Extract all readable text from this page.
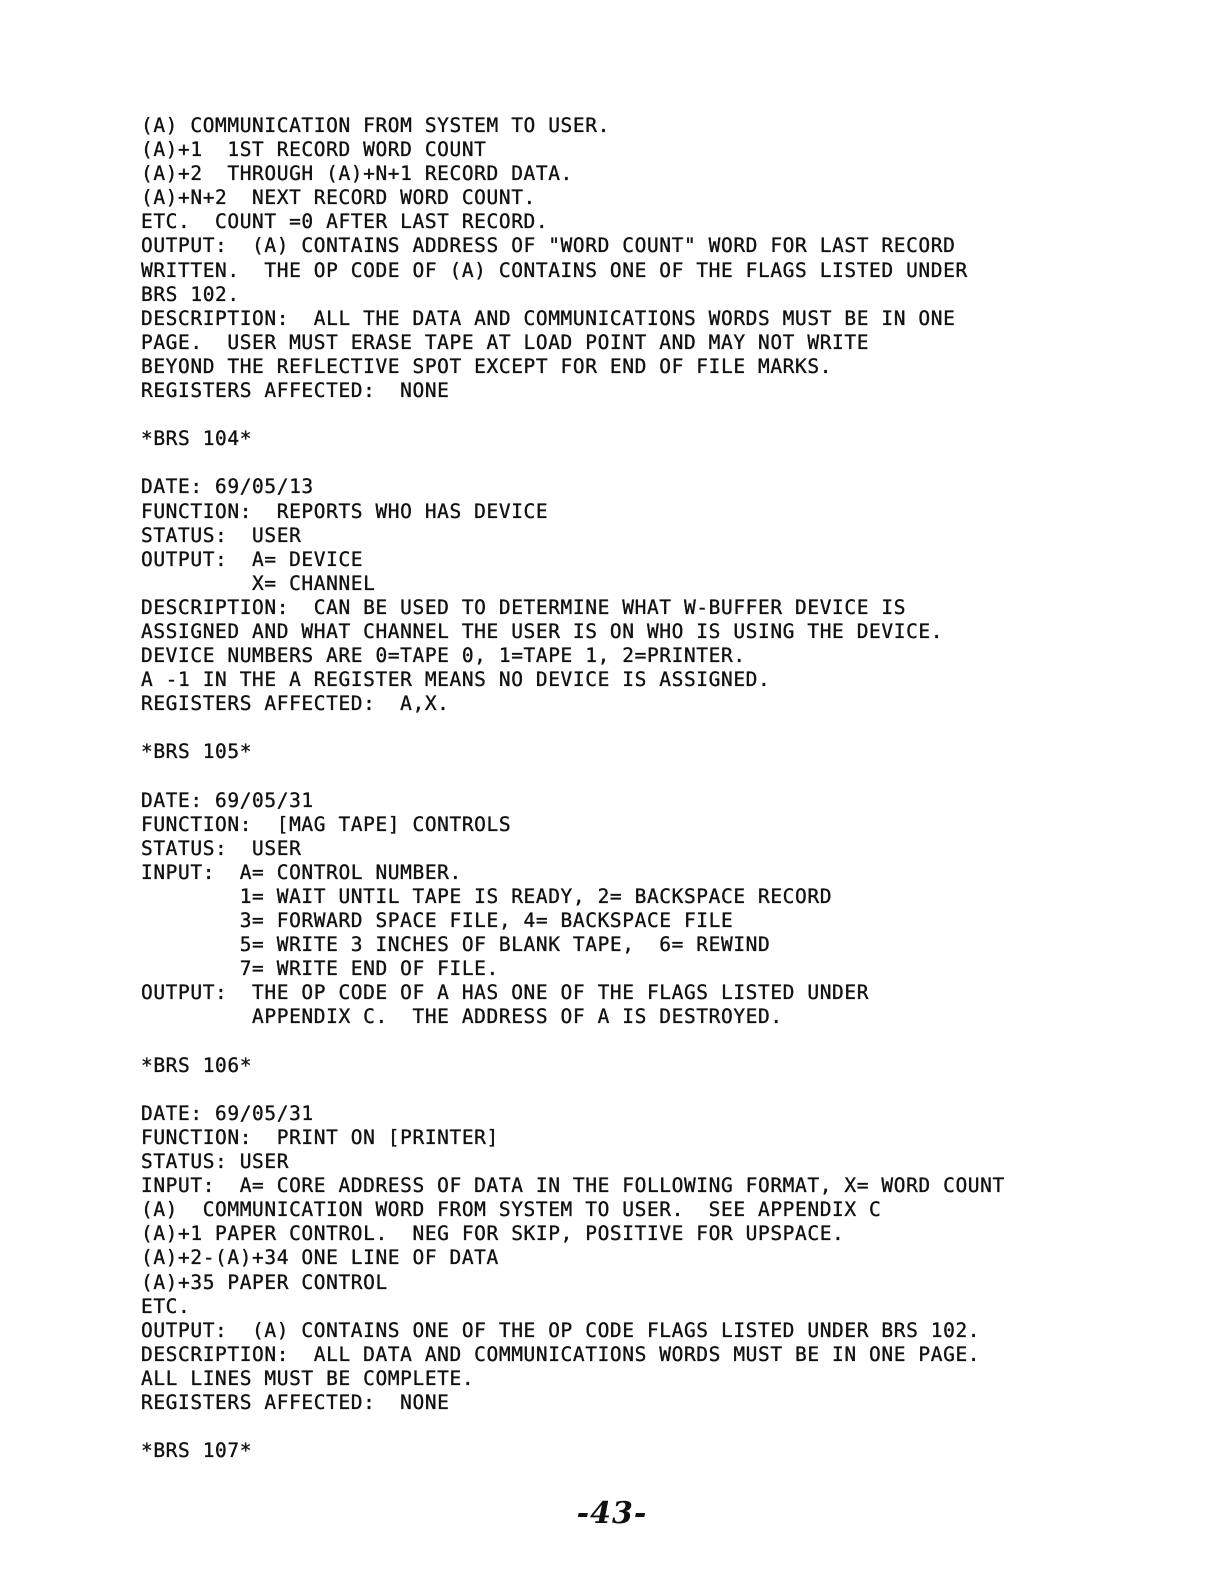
(A) COMMUNICATION FROM SYSTEM TO USER.
(A)+1  1ST RECORD WORD COUNT
(A)+2  THROUGH (A)+N+1 RECORD DATA.
(A)+N+2  NEXT RECORD WORD COUNT.
ETC.  COUNT =0 AFTER LAST RECORD.
OUTPUT:  (A) CONTAINS ADDRESS OF "WORD COUNT" WORD FOR LAST RECORD
WRITTEN.  THE OP CODE OF (A) CONTAINS ONE OF THE FLAGS LISTED UNDER
BRS 102.
DESCRIPTION:  ALL THE DATA AND COMMUNICATIONS WORDS MUST BE IN ONE
PAGE.  USER MUST ERASE TAPE AT LOAD POINT AND MAY NOT WRITE
BEYOND THE REFLECTIVE SPOT EXCEPT FOR END OF FILE MARKS.
REGISTERS AFFECTED:  NONE
*BRS 104*
DATE: 69/05/13
FUNCTION:  REPORTS WHO HAS DEVICE
STATUS:  USER
OUTPUT:  A= DEVICE
X= CHANNEL
DESCRIPTION:  CAN BE USED TO DETERMINE WHAT W-BUFFER DEVICE IS
ASSIGNED AND WHAT CHANNEL THE USER IS ON WHO IS USING THE DEVICE.
DEVICE NUMBERS ARE 0=TAPE 0, 1=TAPE 1, 2=PRINTER.
A -1 IN THE A REGISTER MEANS NO DEVICE IS ASSIGNED.
REGISTERS AFFECTED:  A,X.
*BRS 105*
DATE: 69/05/31
FUNCTION:  [MAG TAPE] CONTROLS
STATUS:  USER
INPUT:  A= CONTROL NUMBER.
1= WAIT UNTIL TAPE IS READY, 2= BACKSPACE RECORD
3= FORWARD SPACE FILE, 4= BACKSPACE FILE
5= WRITE 3 INCHES OF BLANK TAPE,  6= REWIND
7= WRITE END OF FILE.
OUTPUT:  THE OP CODE OF A HAS ONE OF THE FLAGS LISTED UNDER
APPENDIX C.  THE ADDRESS OF A IS DESTROYED.
*BRS 106*
DATE: 69/05/31
FUNCTION:  PRINT ON [PRINTER]
STATUS: USER
INPUT:  A= CORE ADDRESS OF DATA IN THE FOLLOWING FORMAT, X= WORD COUNT
(A)  COMMUNICATION WORD FROM SYSTEM TO USER.  SEE APPENDIX C
(A)+1 PAPER CONTROL.  NEG FOR SKIP, POSITIVE FOR UPSPACE.
(A)+2-(A)+34 ONE LINE OF DATA
(A)+35 PAPER CONTROL
ETC.
OUTPUT:  (A) CONTAINS ONE OF THE OP CODE FLAGS LISTED UNDER BRS 102.
DESCRIPTION:  ALL DATA AND COMMUNICATIONS WORDS MUST BE IN ONE PAGE.
ALL LINES MUST BE COMPLETE.
REGISTERS AFFECTED:  NONE
*BRS 107*
-43-
